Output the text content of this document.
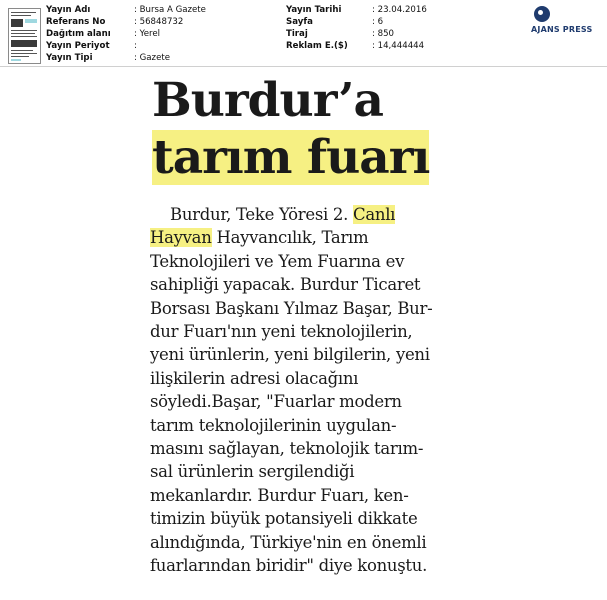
Yayın Adı	: Bursa A Gazete
Referans No	: 56848732
Dağıtım alanı	: Yerel
Yayın Periyot	:
Yayın Tipi	: Gazete
Yayın Tarihi	: 23.04.2016
Sayfa	: 6
Tiraj	: 850
Reklam E.($)	: 14,444444
AJANS PRESS
Burdur’a
tarım fuarı
Burdur, Teke Yöresi 2. Canlı
Hayvan Hayvancılık, Tarım
Teknolojileri ve Yem Fuarına ev
sahipliği yapacak. Burdur Ticaret
Borsası Başkanı Yılmaz Başar, Bur-
dur Fuarı'nın yeni teknolojilerin,
yeni ürünlerin, yeni bilgilerin, yeni
ilişkilerin adresi olacağını
söyledi.Başar, "Fuarlar modern
tarım teknolojilerinin uygulan-
masını sağlayan, teknolojik tarım-
sal ürünlerin sergilendiği
mekanlardır. Burdur Fuarı, ken-
timizin büyük potansiyeli dikkate
alındığında, Türkiye'nin en önemli
fuarlarından biridir" diye konuştu.
